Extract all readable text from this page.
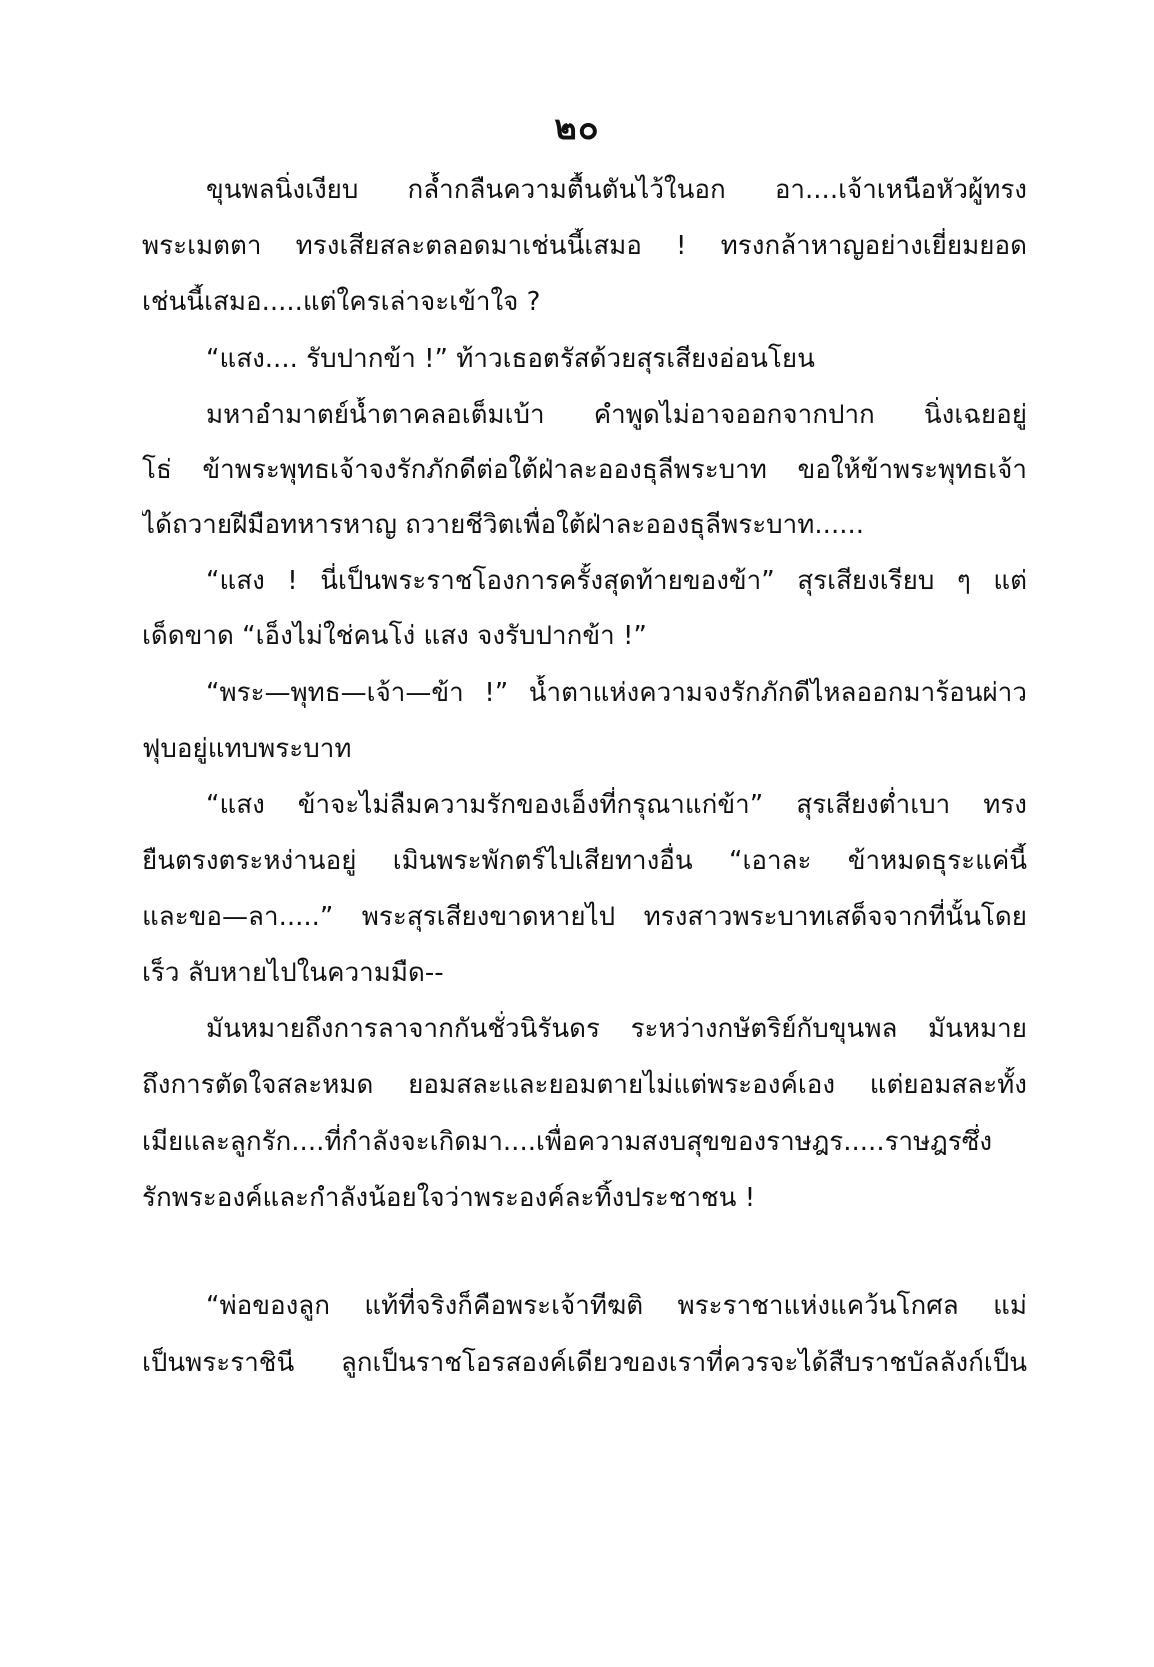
๒๐
ขุนพลนิ่งเงียบ กล้ำกลืนความตื้นตันไว้ในอก อา....เจ้าเหนือหัวผู้ทรง
พระเมตตา ทรงเสียสละตลอดมาเช่นนี้เสมอ ! ทรงกล้าหาญอย่างเยี่ยมยอด
เช่นนี้เสมอ.....แต่ใครเล่าจะเข้าใจ ?
“แสง.... รับปากข้า !” ท้าวเธอตรัสด้วยสุรเสียงอ่อนโยน
มหาอำมาตย์น้ำตาคลอเต็มเบ้า คำพูดไม่อาจออกจากปาก นิ่งเฉยอยู่
โธ่ ข้าพระพุทธเจ้าจงรักภักดีต่อใต้ฝ่าละอองธุลีพระบาท ขอให้ข้าพระพุทธเจ้า
ได้ถวายฝีมือทหารหาญ ถวายชีวิตเพื่อใต้ฝ่าละอองธุลีพระบาท......
“แสง ! นี่เป็นพระราชโองการครั้งสุดท้ายของข้า” สุรเสียงเรียบ ๆ แต่
เด็ดขาด “เอ็งไม่ใช่คนโง่ แสง จงรับปากข้า !”
“พระ—พุทธ—เจ้า—ข้า !” น้ำตาแห่งความจงรักภักดีไหลออกมาร้อนผ่าว
ฟุบอยู่แทบพระบาท
“แสง ข้าจะไม่ลืมความรักของเอ็งที่กรุณาแก่ข้า” สุรเสียงต่ำเบา ทรง
ยืนตรงตระหง่านอยู่ เมินพระพักตร์ไปเสียทางอื่น “เอาละ ข้าหมดธุระแค่นี้
และขอ—ลา.....” พระสุรเสียงขาดหายไป ทรงสาวพระบาทเสด็จจากที่นั้นโดย
เร็ว ลับหายไปในความมืด--
มันหมายถึงการลาจากกันชั่วนิรันดร ระหว่างกษัตริย์กับขุนพล มันหมาย
ถึงการตัดใจสละหมด ยอมสละและยอมตายไม่แต่พระองค์เอง แต่ยอมสละทั้ง
เมียและลูกรัก....ที่กำลังจะเกิดมา....เพื่อความสงบสุขของราษฎร.....ราษฎรซึ่ง
รักพระองค์และกำลังน้อยใจว่าพระองค์ละทิ้งประชาชน !
“พ่อของลูก แท้ที่จริงก็คือพระเจ้าทีฆติ พระราชาแห่งแคว้นโกศล แม่
เป็นพระราชินี ลูกเป็นราชโอรสองค์เดียวของเราที่ควรจะได้สืบราชบัลลังก์เป็น
